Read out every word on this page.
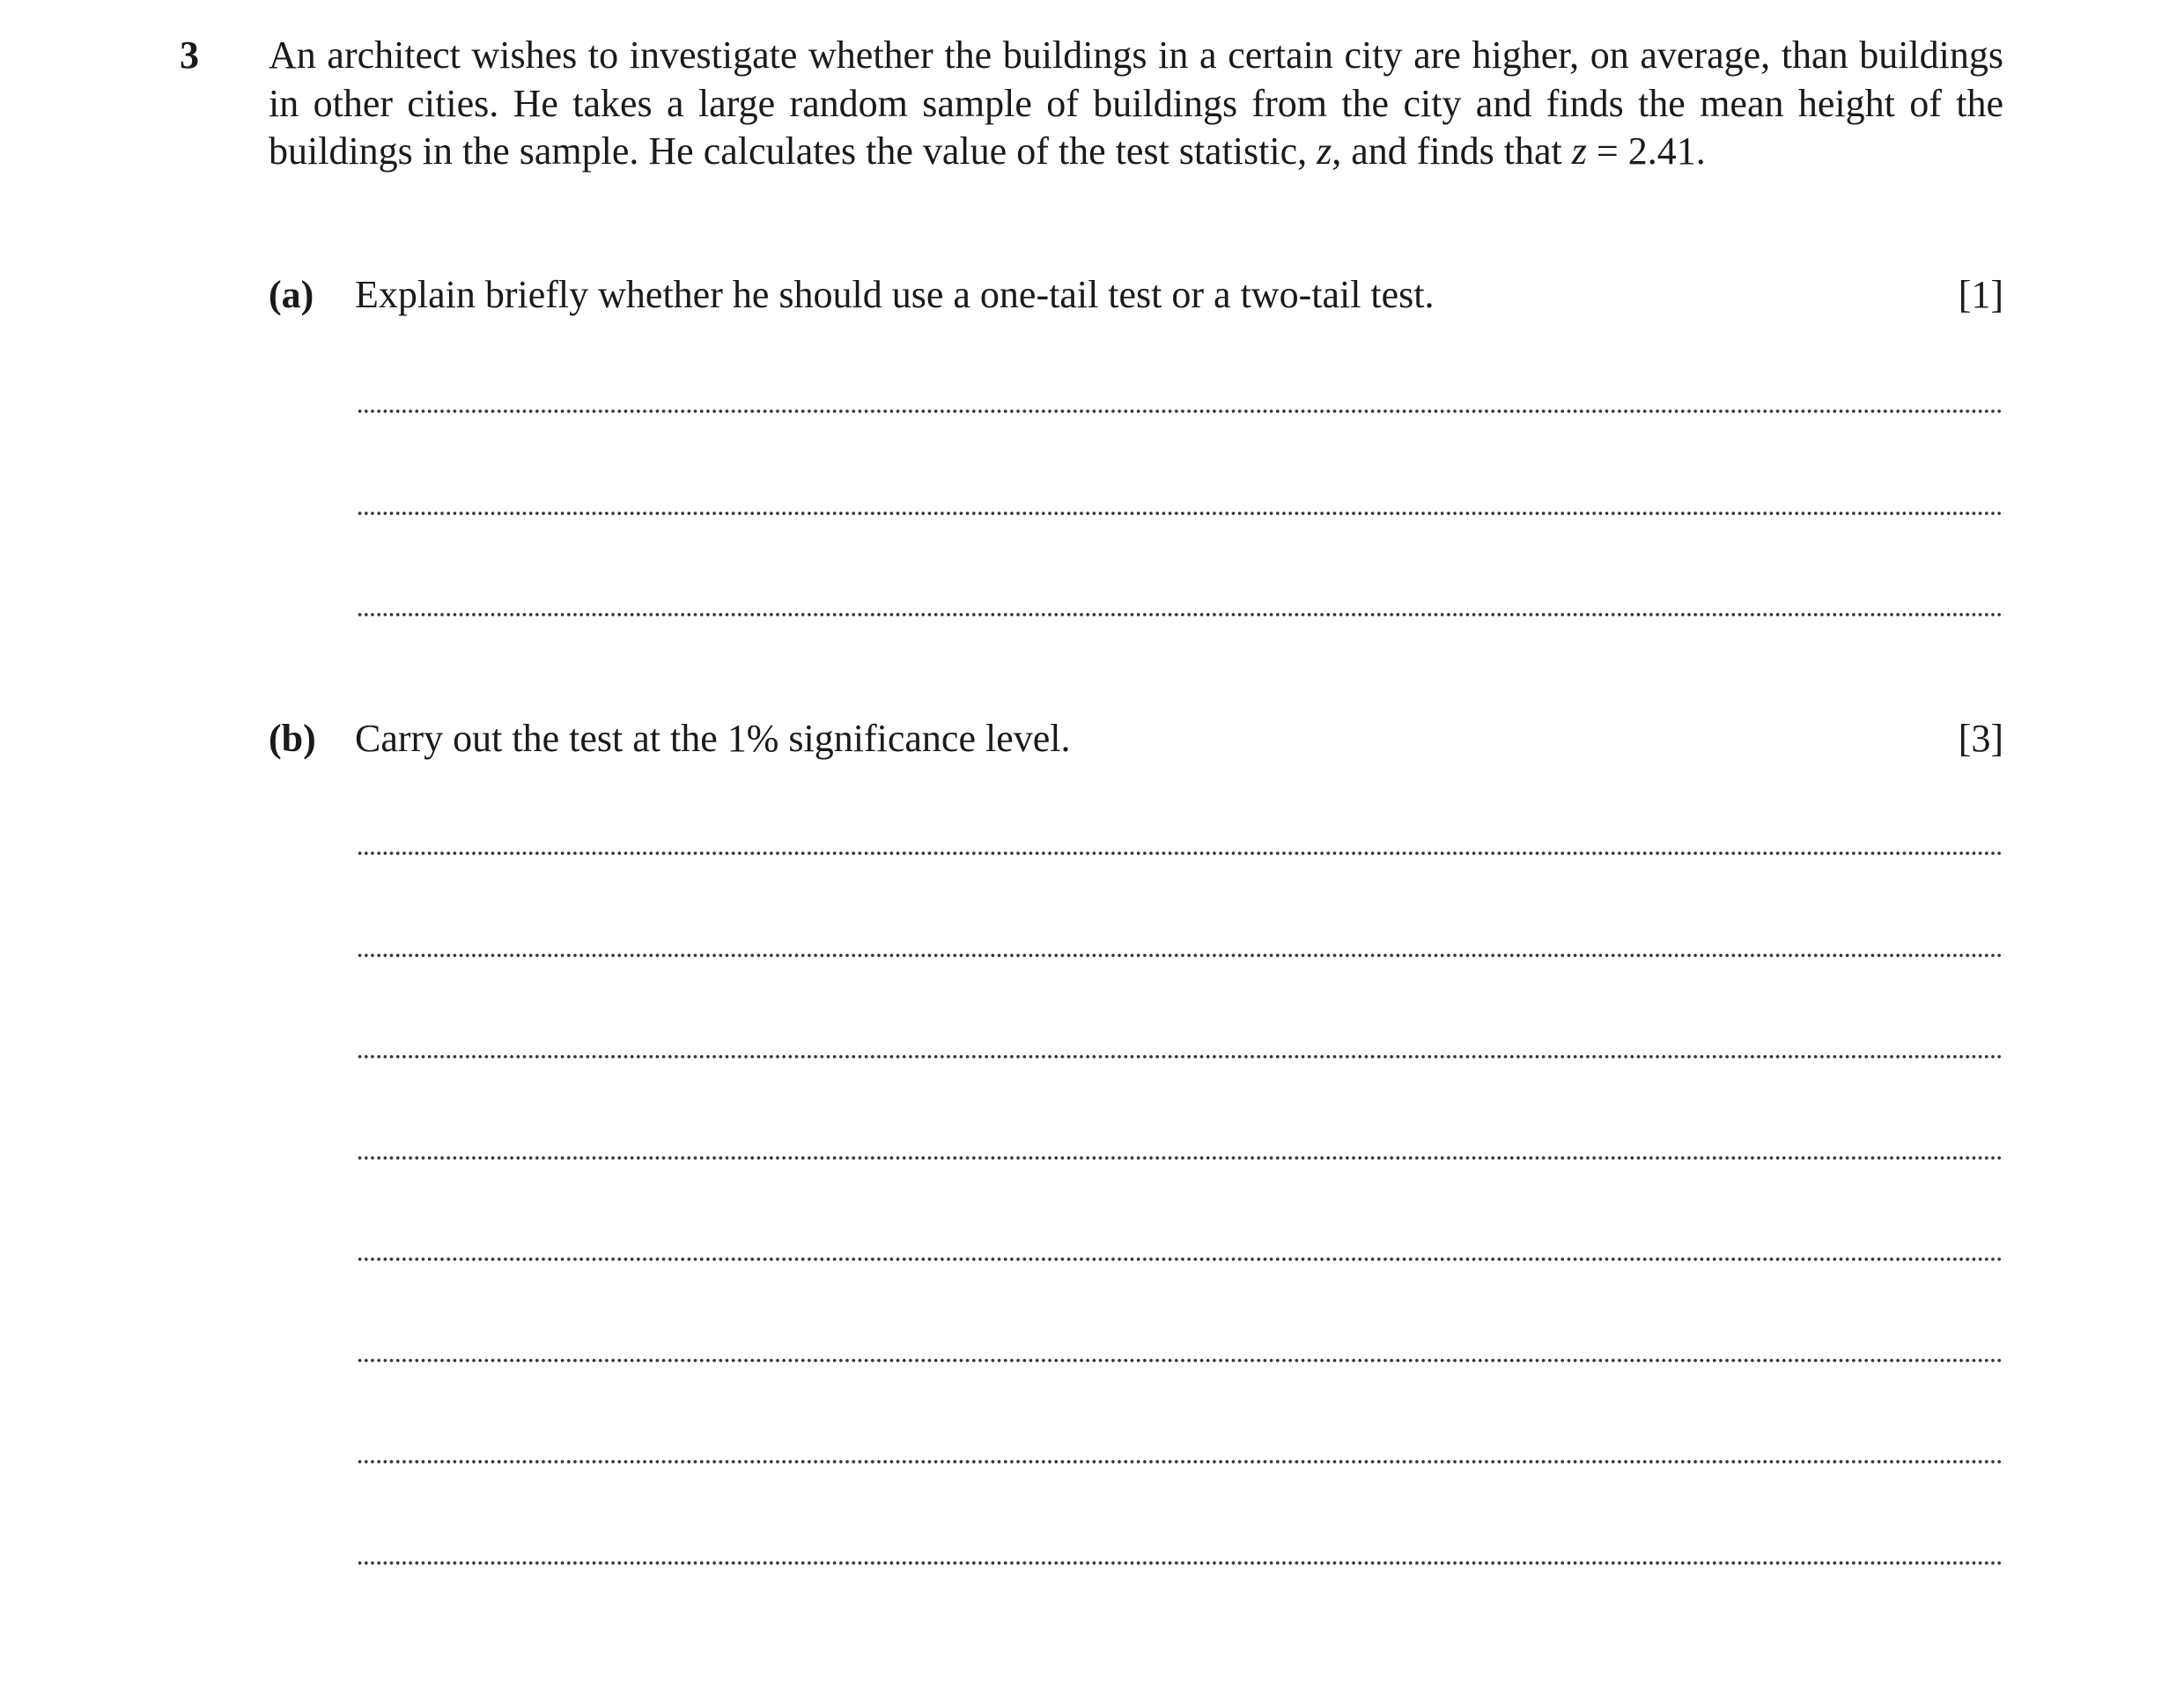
3 An architect wishes to investigate whether the buildings in a certain city are higher, on average, than buildings in other cities. He takes a large random sample of buildings from the city and finds the mean height of the buildings in the sample. He calculates the value of the test statistic, z, and finds that z = 2.41.
(a) Explain briefly whether he should use a one-tail test or a two-tail test.	[1]
(b) Carry out the test at the 1% significance level.	[3]
